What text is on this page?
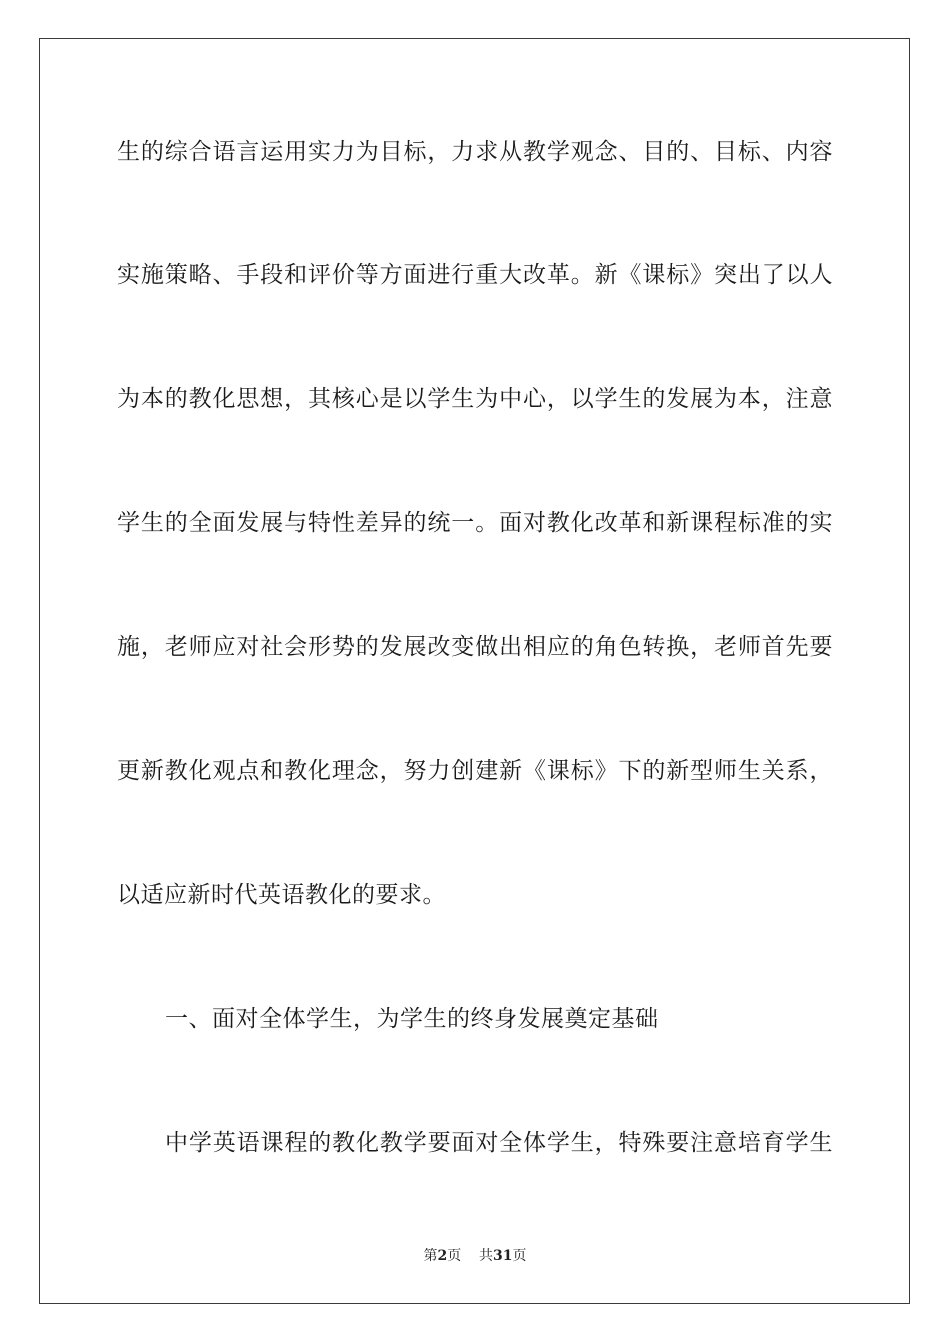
生的综合语言运用实力为目标，力求从教学观念、目的、目标、内容
实施策略、手段和评价等方面进行重大改革。新《课标》突出了以人
为本的教化思想，其核心是以学生为中心，以学生的发展为本，注意
学生的全面发展与特性差异的统一。面对教化改革和新课程标准的实
施，老师应对社会形势的发展改变做出相应的角色转换，老师首先要
更新教化观点和教化理念，努力创建新《课标》下的新型师生关系，
以适应新时代英语教化的要求。
一、面对全体学生，为学生的终身发展奠定基础
中学英语课程的教化教学要面对全体学生，特殊要注意培育学生
第2页 共31页
